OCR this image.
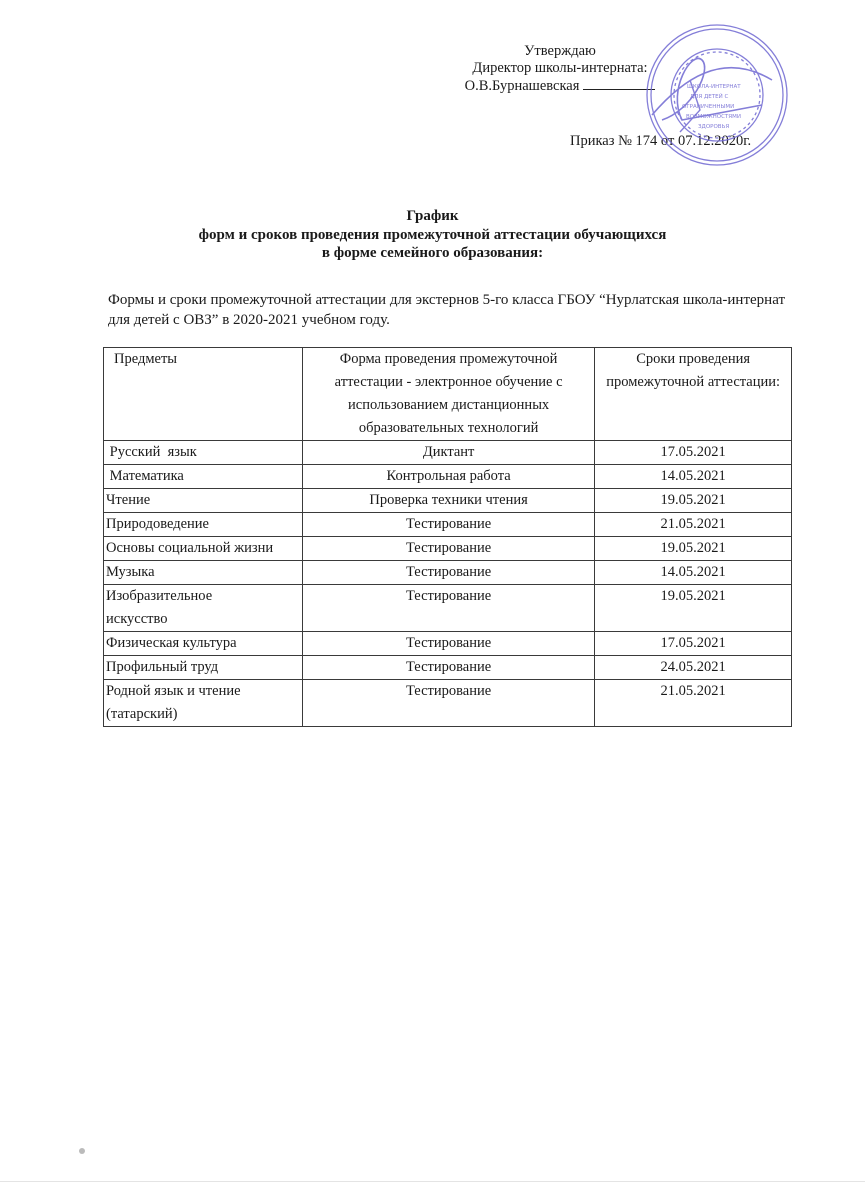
Утверждаю
Директор школы-интерната:
О.В.Бурнашевская
Приказ № 174 от 07.12.2020г.
ШКОЛА-ИНТЕРНАТ
ДЛЯ ДЕТЕЙ С
ОГРАНИЧЕННЫМИ
ВОЗМОЖНОСТЯМИ
ЗДОРОВЬЯ
График
форм и сроков проведения промежуточной аттестации обучающихся
в форме семейного образования:
Формы и сроки промежуточной аттестации для экстернов 5-го класса ГБОУ “Нурлатская школа-интернат для детей с ОВЗ” в 2020-2021 учебном году.
Предметы	Форма проведения промежуточной аттестации - электронное обучение с использованием дистанционных образовательных технологий	Сроки проведения промежуточной аттестации:
Русский  язык	Диктант	17.05.2021
Математика	Контрольная работа	14.05.2021
Чтение	Проверка техники чтения	19.05.2021
Природоведение	Тестирование	21.05.2021
Основы социальной жизни	Тестирование	19.05.2021
Музыка	Тестирование	14.05.2021

Изобразительное искусство	Тестирование	19.05.2021
Физическая культура	Тестирование	17.05.2021
Профильный труд	Тестирование	24.05.2021

Родной язык и чтение (татарский)	Тестирование	21.05.2021
